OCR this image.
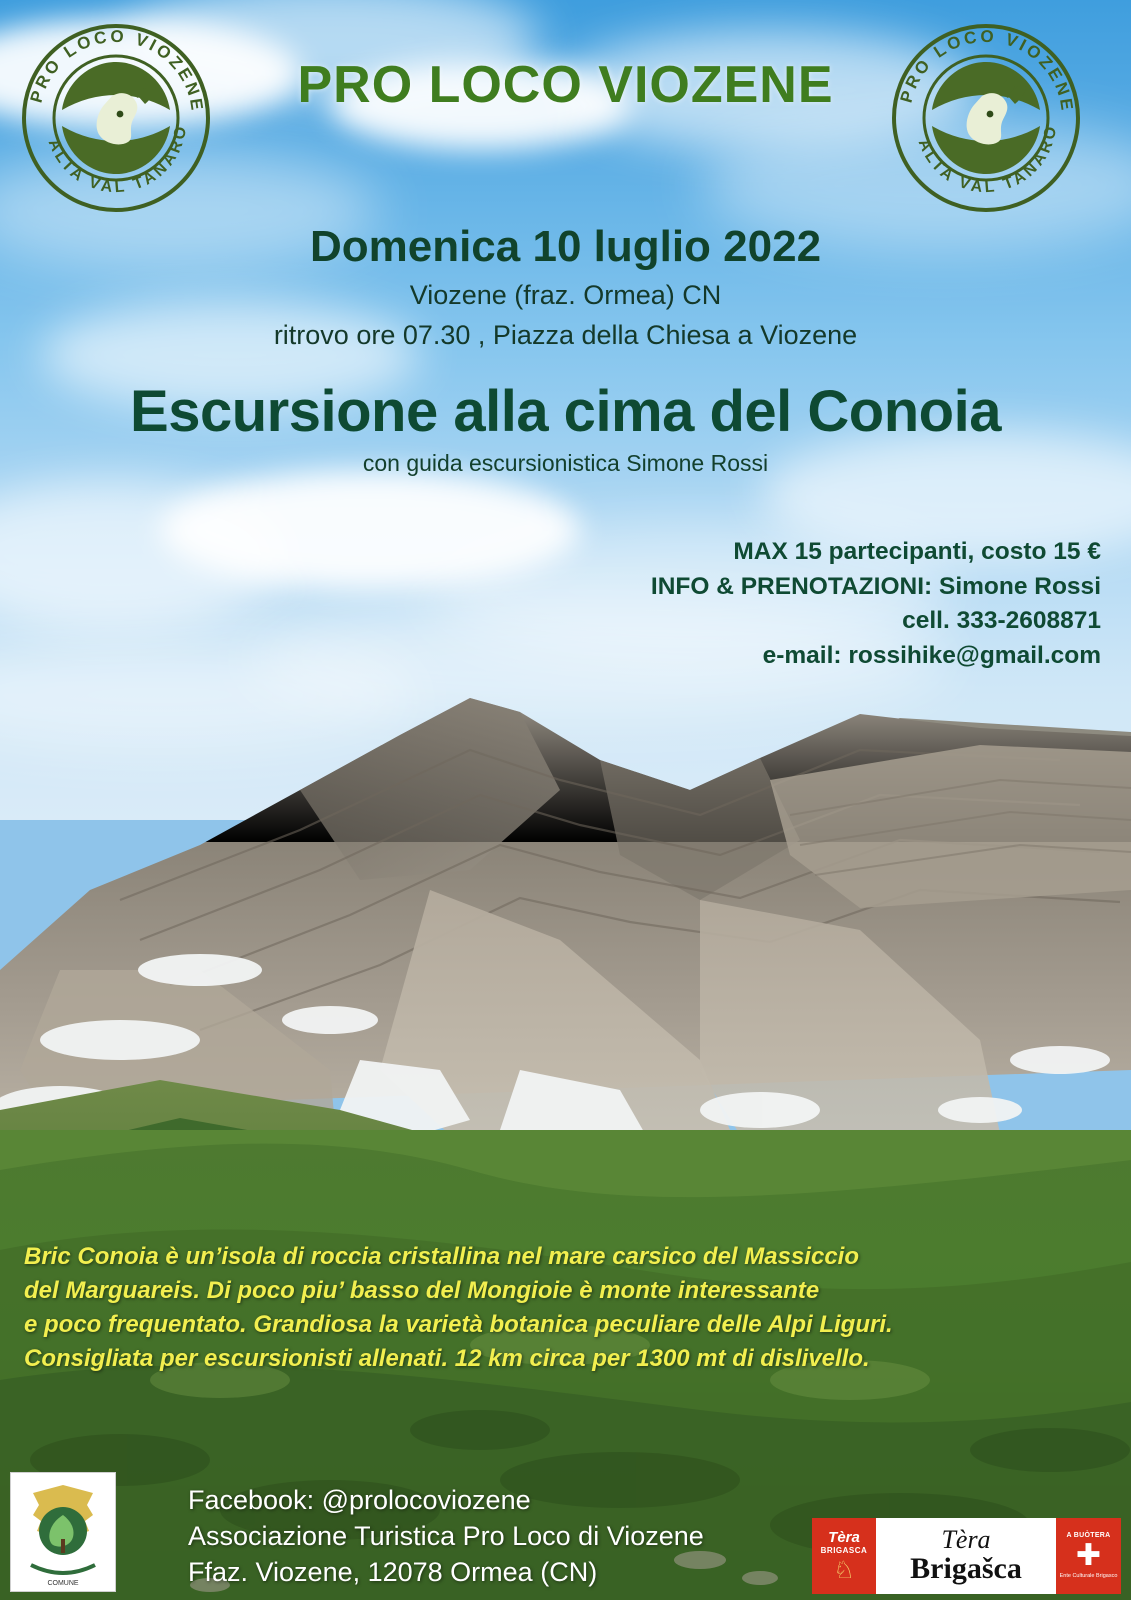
PRO LOCO VIOZENE
ALTA VAL TANARO
PRO LOCO VIOZENE
ALTA VAL TANARO
PRO LOCO VIOZENE
Domenica 10 luglio 2022
Viozene (fraz. Ormea) CN
ritrovo ore 07.30 , Piazza della Chiesa a Viozene
Escursione alla cima del Conoia
con guida escursionistica Simone Rossi
MAX 15 partecipanti, costo 15 €
INFO & PRENOTAZIONI: Simone Rossi
cell. 333-2608871
e-mail: rossihike@gmail.com
Bric Conoia è un’isola di roccia cristallina nel mare carsico del Massiccio
del Marguareis. Di poco piu’ basso del Mongioie è monte interessante
e poco frequentato. Grandiosa la varietà botanica peculiare delle Alpi Liguri.
Consigliata per escursionisti allenati. 12 km circa per 1300 mt di dislivello.
Facebook: @prolocoviozene
Associazione Turistica Pro Loco di Viozene
Ffaz. Viozene, 12078 Ormea (CN)
COMUNE
Tèra
BRIGASCA
♘
Tèra
Brigašca
A BUÒTERA
✚
Ente Culturale Brigasco
